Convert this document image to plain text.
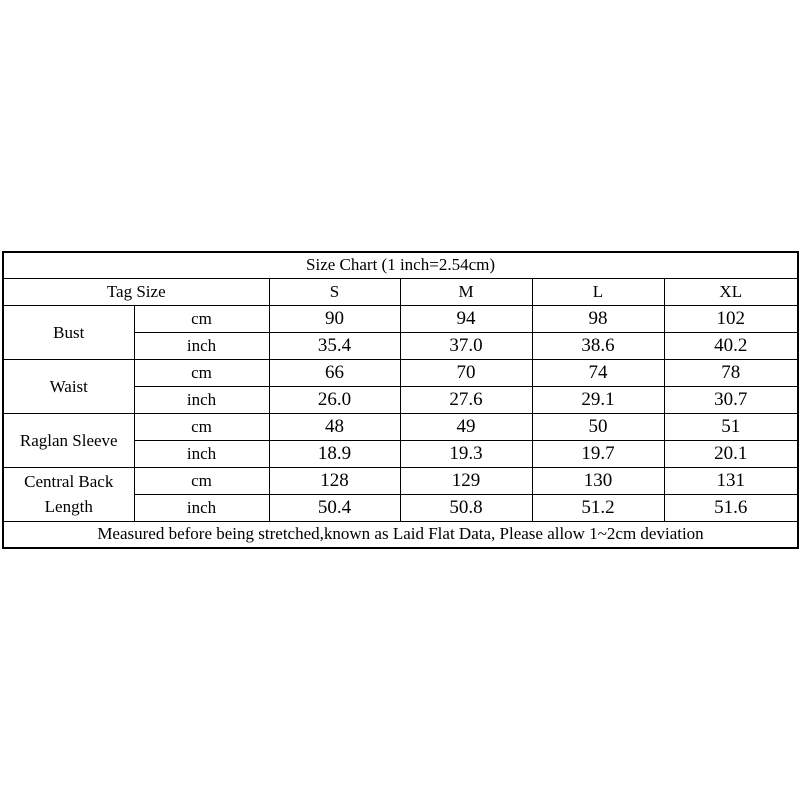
Size Chart (1 inch=2.54cm)					
Tag Size		S	M	L	XL
Bust	cm	90	94	98	102
	inch	35.4	37.0	38.6	40.2
Waist	cm	66	70	74	78
	inch	26.0	27.6	29.1	30.7
Raglan Sleeve	cm	48	49	50	51
	inch	18.9	19.3	19.7	20.1
Central Back Length	cm	128	129	130	131
	inch	50.4	50.8	51.2	51.6
Measured before being stretched,known as Laid Flat Data, Please allow 1~2cm deviation					
